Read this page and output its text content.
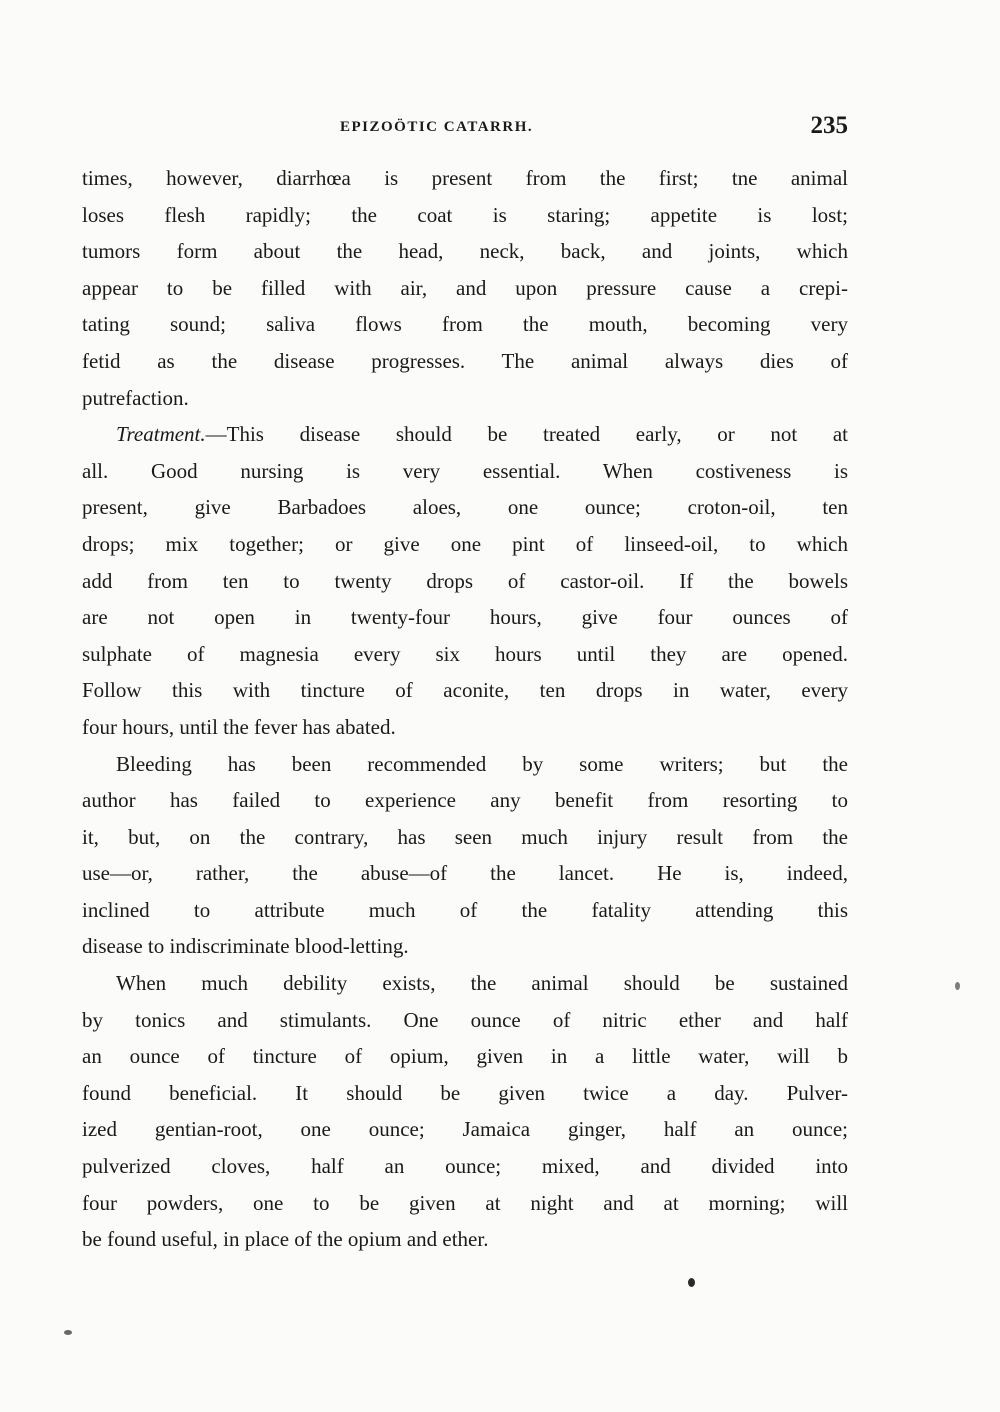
EPIZOÖTIC CATARRH.	235
times, however, diarrhœa is present from the first; tne animal
loses flesh rapidly; the coat is staring; appetite is lost;
tumors form about the head, neck, back, and joints, which
appear to be filled with air, and upon pressure cause a crepi-
tating sound; saliva flows from the mouth, becoming very
fetid as the disease progresses. The animal always dies of
putrefaction.
Treatment.—This disease should be treated early, or not at
all. Good nursing is very essential. When costiveness is
present, give Barbadoes aloes, one ounce; croton-oil, ten
drops; mix together; or give one pint of linseed-oil, to which
add from ten to twenty drops of castor-oil. If the bowels
are not open in twenty-four hours, give four ounces of
sulphate of magnesia every six hours until they are opened.
Follow this with tincture of aconite, ten drops in water, every
four hours, until the fever has abated.
Bleeding has been recommended by some writers; but the
author has failed to experience any benefit from resorting to
it, but, on the contrary, has seen much injury result from the
use—or, rather, the abuse—of the lancet. He is, indeed,
inclined to attribute much of the fatality attending this
disease to indiscriminate blood-letting.
When much debility exists, the animal should be sustained
by tonics and stimulants. One ounce of nitric ether and half
an ounce of tincture of opium, given in a little water, will b
found beneficial. It should be given twice a day. Pulver-
ized gentian-root, one ounce; Jamaica ginger, half an ounce;
pulverized cloves, half an ounce; mixed, and divided into
four powders, one to be given at night and at morning; will
be found useful, in place of the opium and ether.
